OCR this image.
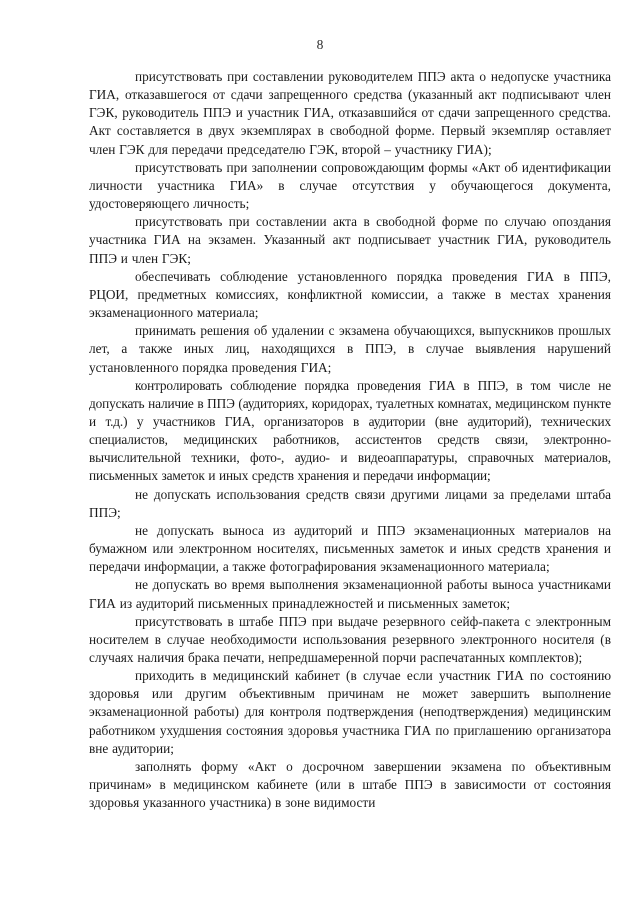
8

присутствовать при составлении руководителем ППЭ акта о недопуске участника ГИА, отказавшегося от сдачи запрещенного средства (указанный акт подписывают член ГЭК, руководитель ППЭ и участник ГИА, отказавшийся от сдачи запрещенного средства. Акт составляется в двух экземплярах в свободной форме. Первый экземпляр оставляет член ГЭК для передачи председателю ГЭК, второй – участнику ГИА);

присутствовать при заполнении сопровождающим формы «Акт об идентификации личности участника ГИА» в случае отсутствия у обучающегося документа, удостоверяющего личность;

присутствовать при составлении акта в свободной форме по случаю опоздания участника ГИА на экзамен. Указанный акт подписывает участник ГИА, руководитель ППЭ и член ГЭК;

обеспечивать соблюдение установленного порядка проведения ГИА в ППЭ, РЦОИ, предметных комиссиях, конфликтной комиссии, а также в местах хранения экзаменационного материала;

принимать решения об удалении с экзамена обучающихся, выпускников прошлых лет, а также иных лиц, находящихся в ППЭ, в случае выявления нарушений установленного порядка проведения ГИА;

контролировать соблюдение порядка проведения ГИА в ППЭ, в том числе не допускать наличие в ППЭ (аудиториях, коридорах, туалетных комнатах, медицинском пункте и т.д.) у участников ГИА, организаторов в аудитории (вне аудиторий), технических специалистов, медицинских работников, ассистентов средств связи, электронно-вычислительной техники, фото-, аудио- и видеоаппаратуры, справочных материалов, письменных заметок и иных средств хранения и передачи информации;

не допускать использования средств связи другими лицами за пределами штаба ППЭ;

не допускать выноса из аудиторий и ППЭ экзаменационных материалов на бумажном или электронном носителях, письменных заметок и иных средств хранения и передачи информации, а также фотографирования экзаменационного материала;

не допускать во время выполнения экзаменационной работы выноса участниками ГИА из аудиторий письменных принадлежностей и письменных заметок;

присутствовать в штабе ППЭ при выдаче резервного сейф-пакета с электронным носителем в случае необходимости использования резервного электронного носителя (в случаях наличия брака печати, непредшамеренной порчи распечатанных комплектов);

приходить в медицинский кабинет (в случае если участник ГИА по состоянию здоровья или другим объективным причинам не может завершить выполнение экзаменационной работы) для контроля подтверждения (неподтверждения) медицинским работником ухудшения состояния здоровья участника ГИА по приглашению организатора вне аудитории;

заполнять форму «Акт о досрочном завершении экзамена по объективным причинам» в медицинском кабинете (или в штабе ППЭ в зависимости от состояния здоровья указанного участника) в зоне видимости
